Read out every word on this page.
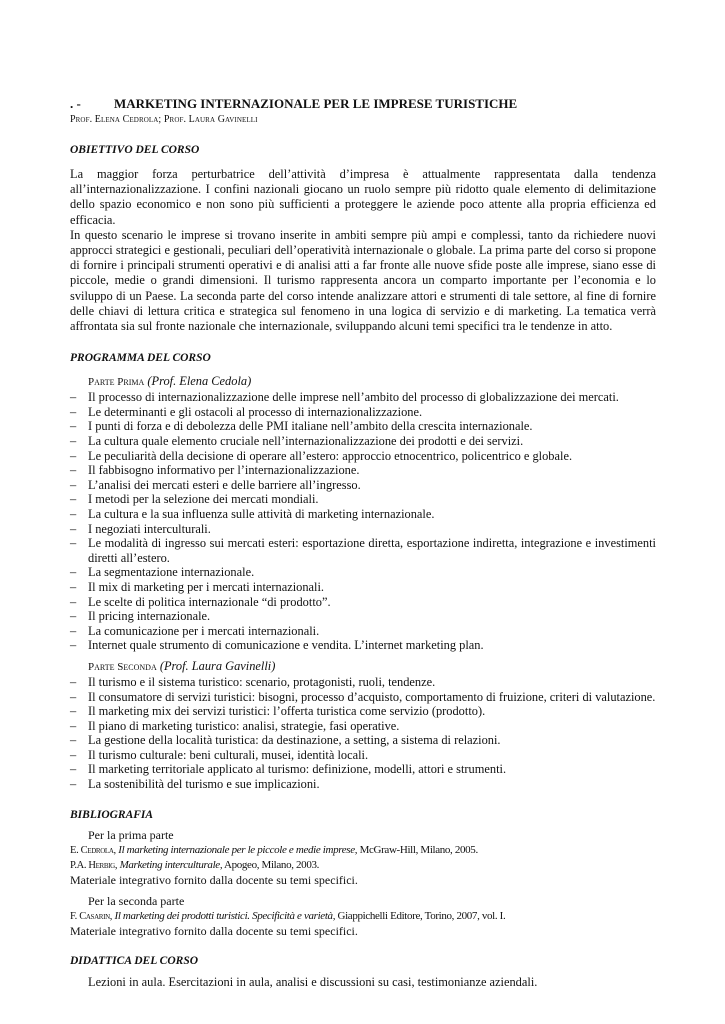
. -	MARKETING INTERNAZIONALE PER LE IMPRESE TURISTICHE
Prof. Elena Cedrola; Prof. Laura Gavinelli
OBIETTIVO DEL CORSO

La maggior forza perturbatrice dell’attività d’impresa è attualmente rappresentata dalla tendenza all’internazionalizzazione. I confini nazionali giocano un ruolo sempre più ridotto quale elemento di delimitazione dello spazio economico e non sono più sufficienti a proteggere le aziende poco attente alla propria efficienza ed efficacia.

In questo scenario le imprese si trovano inserite in ambiti sempre più ampi e complessi, tanto da richiedere nuovi approcci strategici e gestionali, peculiari dell’operatività internazionale o globale. La prima parte del corso si propone di fornire i principali strumenti operativi e di analisi atti a far fronte alle nuove sfide poste alle imprese, siano esse di piccole, medie o grandi dimensioni. Il turismo rappresenta ancora un comparto importante per l’economia e lo sviluppo di un Paese. La seconda parte del corso intende analizzare attori e strumenti di tale settore, al fine di fornire delle chiavi di lettura critica e strategica sul fenomeno in una logica di servizio e di marketing. La tematica verrà affrontata sia sul fronte nazionale che internazionale, sviluppando alcuni temi specifici tra le tendenze in atto.

PROGRAMMA DEL CORSO
Parte Prima (Prof. Elena Cedola)
– Il processo di internazionalizzazione delle imprese nell’ambito del processo di globalizzazione dei mercati.
– Le determinanti e gli ostacoli al processo di internazionalizzazione.
– I punti di forza e di debolezza delle PMI italiane nell’ambito della crescita internazionale.
– La cultura quale elemento cruciale nell’internazionalizzazione dei prodotti e dei servizi.
– Le peculiarità della decisione di operare all’estero: approccio etnocentrico, policentrico e globale.
– Il fabbisogno informativo per l’internazionalizzazione.
– L’analisi dei mercati esteri e delle barriere all’ingresso.
– I metodi per la selezione dei mercati mondiali.
– La cultura e la sua influenza sulle attività di marketing internazionale.
– I negoziati interculturali.
– Le modalità di ingresso sui mercati esteri: esportazione diretta, esportazione indiretta, integrazione e investimenti diretti all’estero.
– La segmentazione internazionale.
– Il mix di marketing per i mercati internazionali.
– Le scelte di politica internazionale “di prodotto”.
– Il pricing internazionale.
– La comunicazione per i mercati internazionali.
– Internet quale strumento di comunicazione e vendita. L’internet marketing plan.
Parte Seconda (Prof. Laura Gavinelli)
– Il turismo e il sistema turistico: scenario, protagonisti, ruoli, tendenze.
– Il consumatore di servizi turistici: bisogni, processo d’acquisto, comportamento di fruizione, criteri di valutazione.
– Il marketing mix dei servizi turistici: l’offerta turistica come servizio (prodotto).
– Il piano di marketing turistico: analisi, strategie, fasi operative.
– La gestione della località turistica: da destinazione, a setting, a sistema di relazioni.
– Il turismo culturale: beni culturali, musei, identità locali.
– Il marketing territoriale applicato al turismo: definizione, modelli, attori e strumenti.
– La sostenibilità del turismo e sue implicazioni.
BIBLIOGRAFIA
Per la prima parte
E. Cedrola, Il marketing internazionale per le piccole e medie imprese, McGraw-Hill, Milano, 2005.
P.A. Herbig, Marketing interculturale, Apogeo, Milano, 2003.
Materiale integrativo fornito dalla docente su temi specifici.
Per la seconda parte
F. Casarin, Il marketing dei prodotti turistici. Specificità e varietà, Giappichelli Editore, Torino, 2007, vol. I.
Materiale integrativo fornito dalla docente su temi specifici.
DIDATTICA DEL CORSO
Lezioni in aula. Esercitazioni in aula, analisi e discussioni su casi, testimonianze aziendali.
